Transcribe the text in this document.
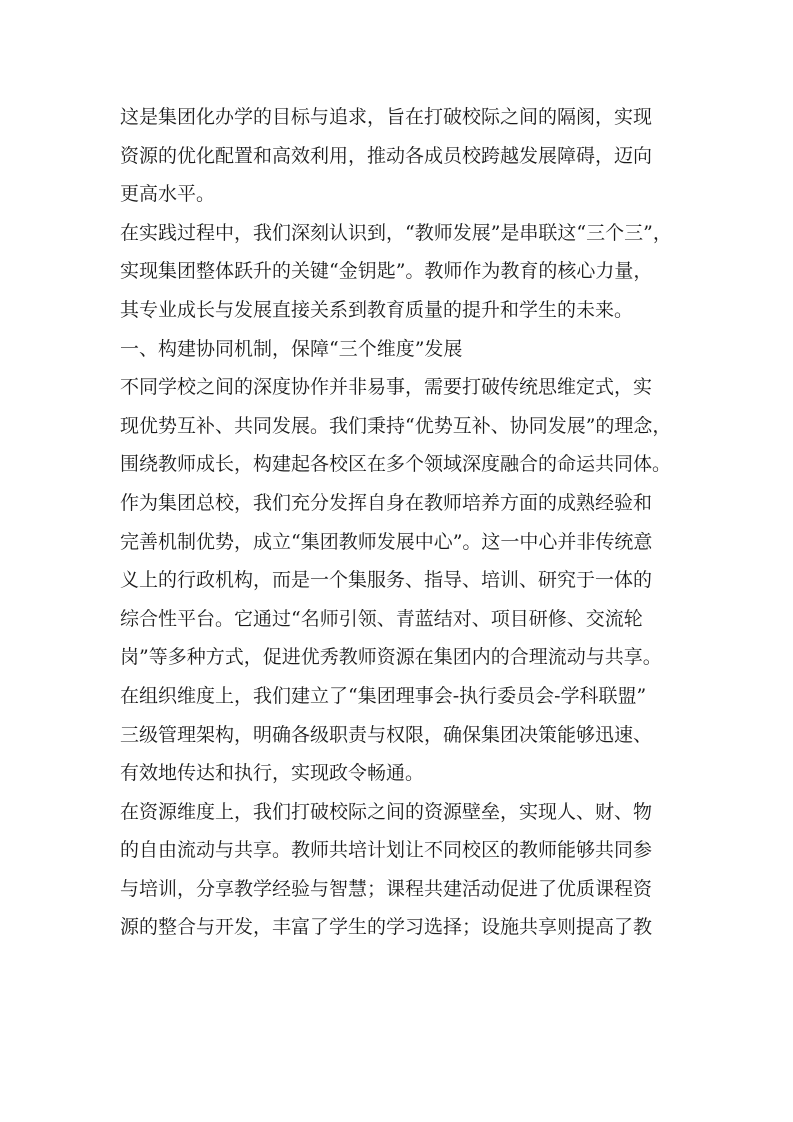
这是集团化办学的目标与追求，旨在打破校际之间的隔阂，实现
资源的优化配置和高效利用，推动各成员校跨越发展障碍，迈向
更高水平。

在实践过程中，我们深刻认识到，“教师发展”是串联这“三个三”，
实现集团整体跃升的关键“金钥匙”。教师作为教育的核心力量，
其专业成长与发展直接关系到教育质量的提升和学生的未来。

一、构建协同机制，保障“三个维度”发展

不同学校之间的深度协作并非易事，需要打破传统思维定式，实
现优势互补、共同发展。我们秉持“优势互补、协同发展”的理念，
围绕教师成长，构建起各校区在多个领域深度融合的命运共同体。
作为集团总校，我们充分发挥自身在教师培养方面的成熟经验和
完善机制优势，成立“集团教师发展中心”。这一中心并非传统意
义上的行政机构，而是一个集服务、指导、培训、研究于一体的
综合性平台。它通过“名师引领、青蓝结对、项目研修、交流轮
岗”等多种方式，促进优秀教师资源在集团内的合理流动与共享。
在组织维度上，我们建立了“集团理事会-执行委员会-学科联盟”
三级管理架构，明确各级职责与权限，确保集团决策能够迅速、
有效地传达和执行，实现政令畅通。

在资源维度上，我们打破校际之间的资源壁垒，实现人、财、物
的自由流动与共享。教师共培计划让不同校区的教师能够共同参
与培训，分享教学经验与智慧；课程共建活动促进了优质课程资
源的整合与开发，丰富了学生的学习选择；设施共享则提高了教
